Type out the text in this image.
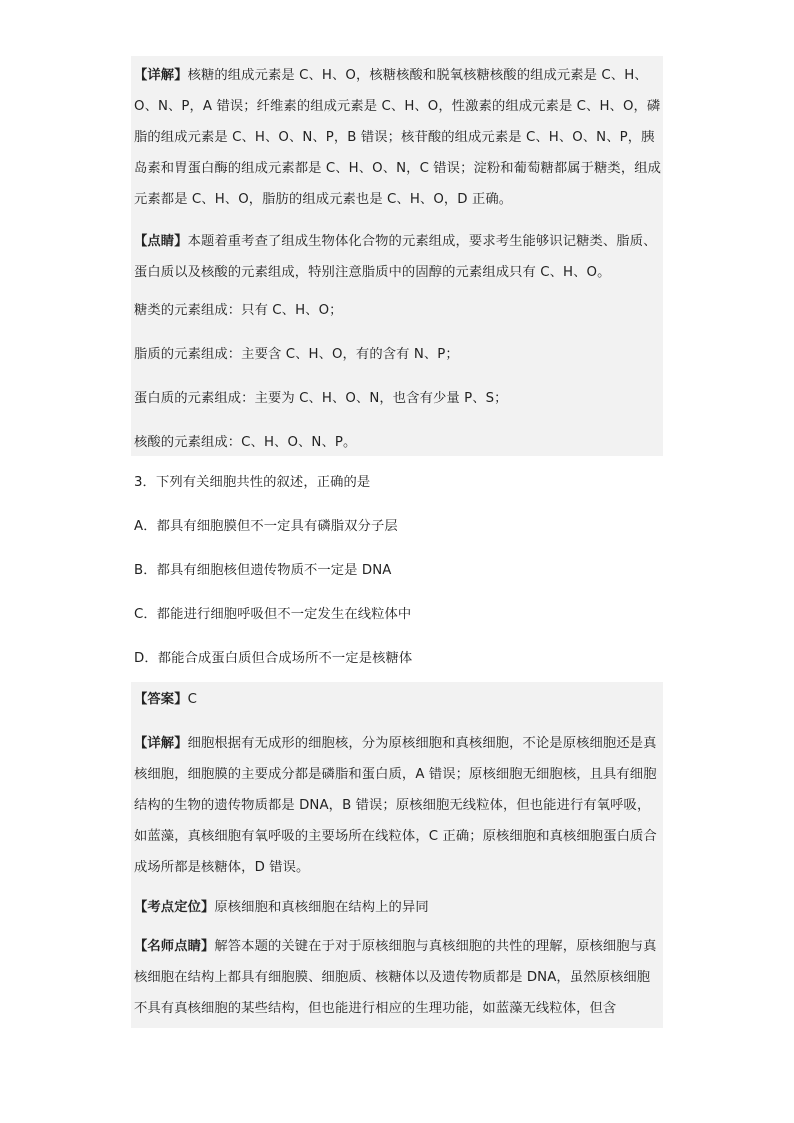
【详解】核糖的组成元素是 C、H、O，核糖核酸和脱氧核糖核酸的组成元素是 C、H、O、N、P，A 错误；纤维素的组成元素是 C、H、O，性激素的组成元素是 C、H、O，磷脂的组成元素是 C、H、O、N、P，B 错误；核苷酸的组成元素是 C、H、O、N、P，胰岛素和胃蛋白酶的组成元素都是 C、H、O、N，C 错误；淀粉和葡萄糖都属于糖类，组成元素都是 C、H、O，脂肪的组成元素也是 C、H、O，D 正确。

【点睛】本题着重考查了组成生物体化合物的元素组成，要求考生能够识记糖类、脂质、蛋白质以及核酸的元素组成，特别注意脂质中的固醇的元素组成只有 C、H、O。

糖类的元素组成：只有 C、H、O；

脂质的元素组成：主要含 C、H、O，有的含有 N、P；

蛋白质的元素组成：主要为 C、H、O、N，也含有少量 P、S；

核酸的元素组成：C、H、O、N、P。

3．下列有关细胞共性的叙述，正确的是

A．都具有细胞膜但不一定具有磷脂双分子层

B．都具有细胞核但遗传物质不一定是 DNA

C．都能进行细胞呼吸但不一定发生在线粒体中

D．都能合成蛋白质但合成场所不一定是核糖体

【答案】C

【详解】细胞根据有无成形的细胞核，分为原核细胞和真核细胞，不论是原核细胞还是真核细胞，细胞膜的主要成分都是磷脂和蛋白质，A 错误；原核细胞无细胞核，且具有细胞结构的生物的遗传物质都是 DNA，B 错误；原核细胞无线粒体，但也能进行有氧呼吸，如蓝藻，真核细胞有氧呼吸的主要场所在线粒体，C 正确；原核细胞和真核细胞蛋白质合成场所都是核糖体，D 错误。

【考点定位】原核细胞和真核细胞在结构上的异同

【名师点睛】解答本题的关键在于对于原核细胞与真核细胞的共性的理解，原核细胞与真核细胞在结构上都具有细胞膜、细胞质、核糖体以及遗传物质都是 DNA，虽然原核细胞不具有真核细胞的某些结构，但也能进行相应的生理功能，如蓝藻无线粒体，但含
